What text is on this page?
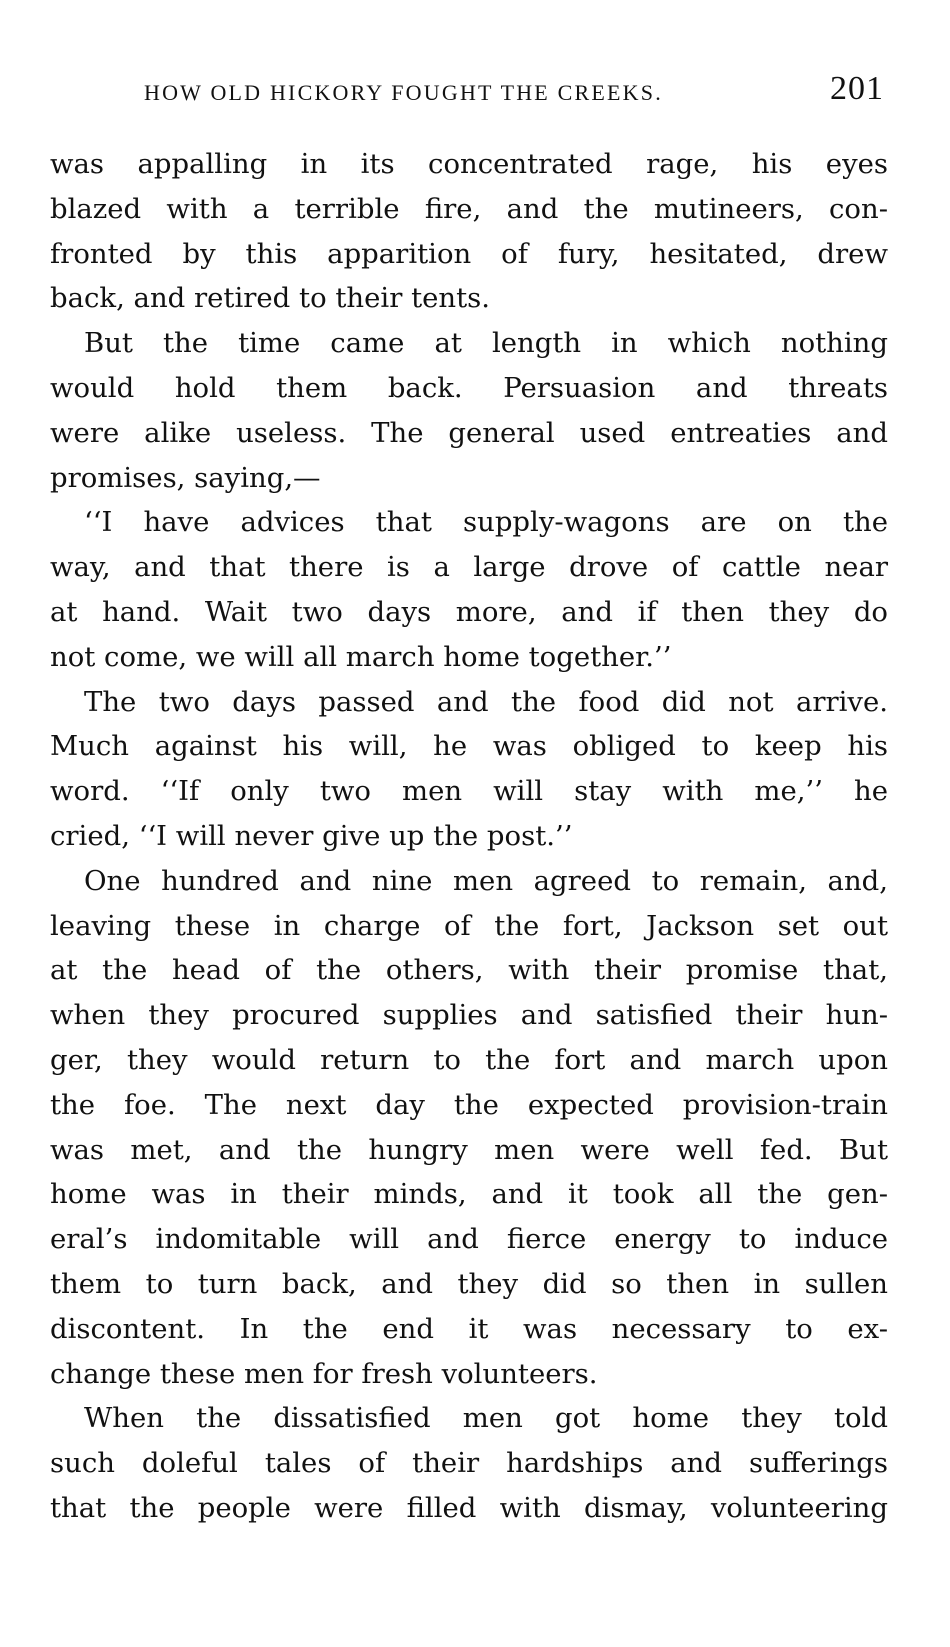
HOW OLD HICKORY FOUGHT THE CREEKS.	201

was appalling in its concentrated rage, his eyes
blazed with a terrible fire, and the mutineers, con-
fronted by this apparition of fury, hesitated, drew
back, and retired to their tents.

But the time came at length in which nothing
would hold them back. Persuasion and threats
were alike useless. The general used entreaties and
promises, saying,—

‘‘I have advices that supply-wagons are on the
way, and that there is a large drove of cattle near
at hand. Wait two days more, and if then they do
not come, we will all march home together.’’

The two days passed and the food did not arrive.
Much against his will, he was obliged to keep his
word. ‘‘If only two men will stay with me,’’ he
cried, ‘‘I will never give up the post.’’

One hundred and nine men agreed to remain, and,
leaving these in charge of the fort, Jackson set out
at the head of the others, with their promise that,
when they procured supplies and satisfied their hun-
ger, they would return to the fort and march upon
the foe. The next day the expected provision-train
was met, and the hungry men were well fed. But
home was in their minds, and it took all the gen-
eral’s indomitable will and fierce energy to induce
them to turn back, and they did so then in sullen
discontent. In the end it was necessary to ex-
change these men for fresh volunteers.

When the dissatisfied men got home they told
such doleful tales of their hardships and sufferings
that the people were filled with dismay, volunteering
